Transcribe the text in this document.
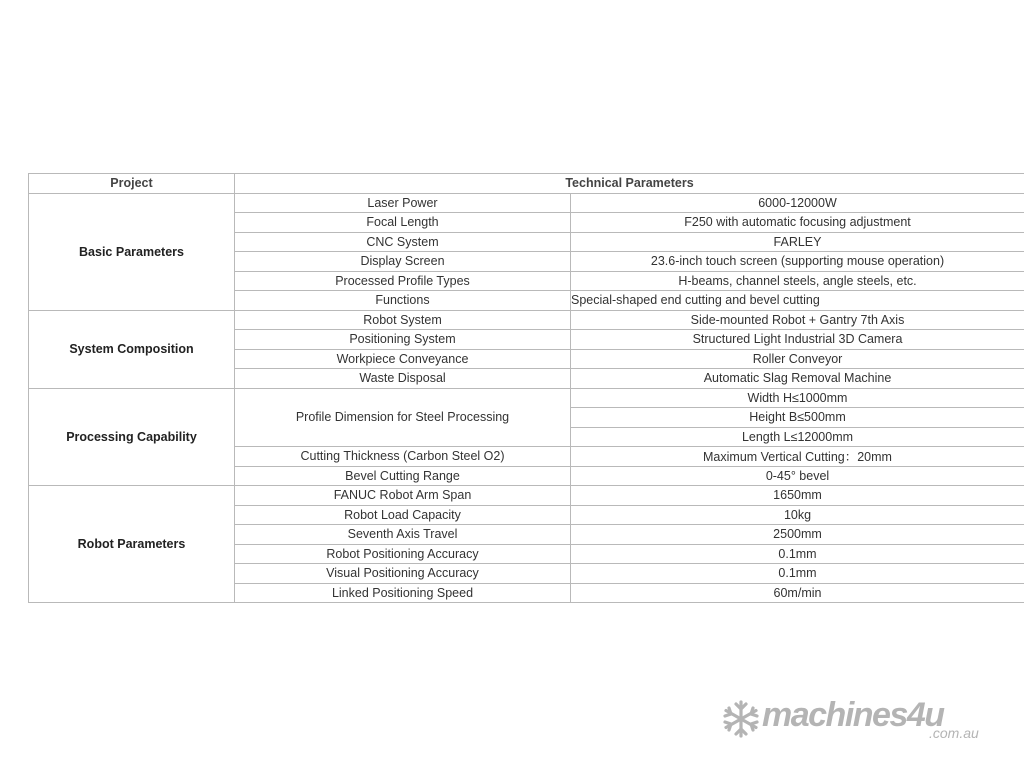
Project	Technical Parameters	
Basic Parameters	Laser Power	6000-12000W
	Focal Length	F250 with automatic focusing adjustment
	CNC System	FARLEY
	Display Screen	23.6-inch touch screen (supporting mouse operation)
	Processed Profile Types	H-beams, channel steels, angle steels, etc.
	Functions	Special-shaped end cutting and bevel cutting
System Composition	Robot System	Side-mounted Robot + Gantry 7th Axis
	Positioning System	Structured Light Industrial 3D Camera
	Workpiece Conveyance	Roller Conveyor
	Waste Disposal	Automatic Slag Removal Machine
Processing Capability	Profile Dimension for Steel Processing	Width H≤1000mm
		Height B≤500mm
		Length L≤12000mm
	Cutting Thickness (Carbon Steel O2)	Maximum Vertical Cutting：20mm
	Bevel Cutting Range	0-45° bevel
Robot Parameters	FANUC Robot Arm Span	1650mm
	Robot Load Capacity	10kg
	Seventh Axis Travel	2500mm
	Robot Positioning Accuracy	0.1mm
	Visual Positioning Accuracy	0.1mm
	Linked Positioning Speed	60m/min
machines4u
.com.au
